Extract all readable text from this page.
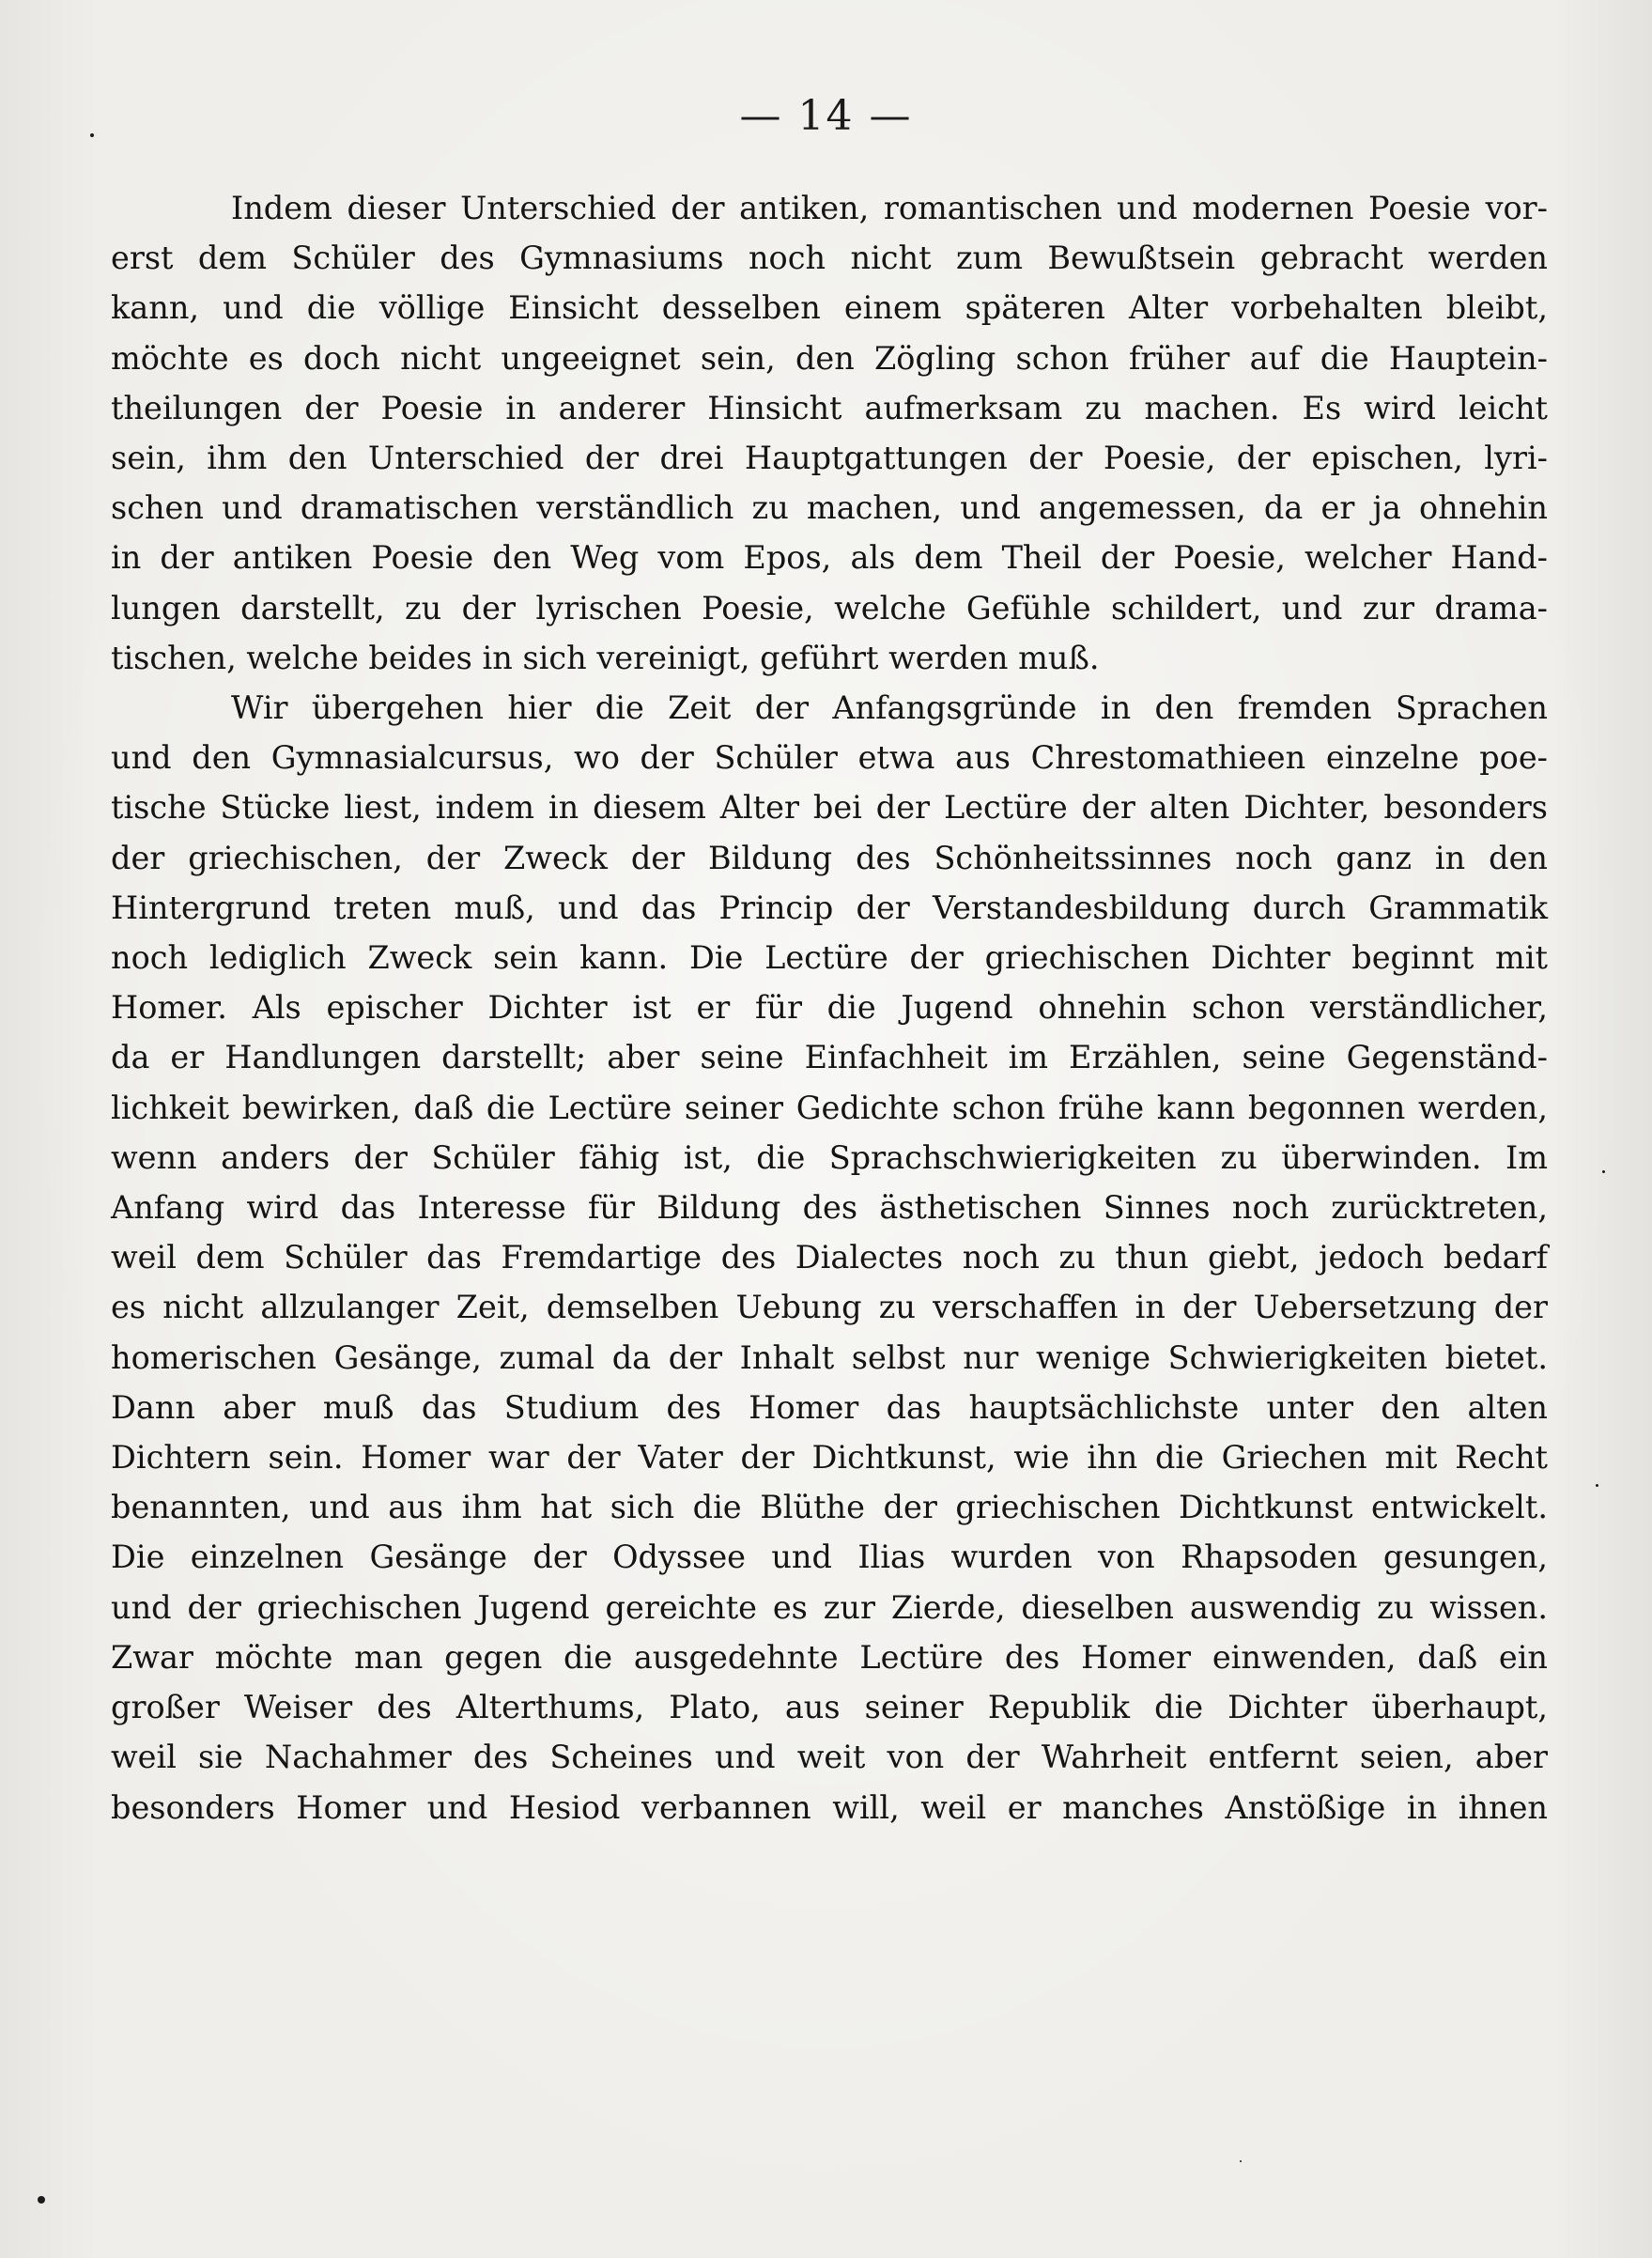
— 14 —
Indem dieser Unterschied der antiken, romantischen und modernen Poesie vor-
erst dem Schüler des Gymnasiums noch nicht zum Bewußtsein gebracht werden
kann, und die völlige Einsicht desselben einem späteren Alter vorbehalten bleibt,
möchte es doch nicht ungeeignet sein, den Zögling schon früher auf die Hauptein-
theilungen der Poesie in anderer Hinsicht aufmerksam zu machen. Es wird leicht
sein, ihm den Unterschied der drei Hauptgattungen der Poesie, der epischen, lyri-
schen und dramatischen verständlich zu machen, und angemessen, da er ja ohnehin
in der antiken Poesie den Weg vom Epos, als dem Theil der Poesie, welcher Hand-
lungen darstellt, zu der lyrischen Poesie, welche Gefühle schildert, und zur drama-
tischen, welche beides in sich vereinigt, geführt werden muß.
Wir übergehen hier die Zeit der Anfangsgründe in den fremden Sprachen
und den Gymnasialcursus, wo der Schüler etwa aus Chrestomathieen einzelne poe-
tische Stücke liest, indem in diesem Alter bei der Lectüre der alten Dichter, besonders
der griechischen, der Zweck der Bildung des Schönheitssinnes noch ganz in den
Hintergrund treten muß, und das Princip der Verstandesbildung durch Grammatik
noch lediglich Zweck sein kann. Die Lectüre der griechischen Dichter beginnt mit
Homer. Als epischer Dichter ist er für die Jugend ohnehin schon verständlicher,
da er Handlungen darstellt; aber seine Einfachheit im Erzählen, seine Gegenständ-
lichkeit bewirken, daß die Lectüre seiner Gedichte schon frühe kann begonnen werden,
wenn anders der Schüler fähig ist, die Sprachschwierigkeiten zu überwinden. Im
Anfang wird das Interesse für Bildung des ästhetischen Sinnes noch zurücktreten,
weil dem Schüler das Fremdartige des Dialectes noch zu thun giebt, jedoch bedarf
es nicht allzulanger Zeit, demselben Uebung zu verschaffen in der Uebersetzung der
homerischen Gesänge, zumal da der Inhalt selbst nur wenige Schwierigkeiten bietet.
Dann aber muß das Studium des Homer das hauptsächlichste unter den alten
Dichtern sein. Homer war der Vater der Dichtkunst, wie ihn die Griechen mit Recht
benannten, und aus ihm hat sich die Blüthe der griechischen Dichtkunst entwickelt.
Die einzelnen Gesänge der Odyssee und Ilias wurden von Rhapsoden gesungen,
und der griechischen Jugend gereichte es zur Zierde, dieselben auswendig zu wissen.
Zwar möchte man gegen die ausgedehnte Lectüre des Homer einwenden, daß ein
großer Weiser des Alterthums, Plato, aus seiner Republik die Dichter überhaupt,
weil sie Nachahmer des Scheines und weit von der Wahrheit entfernt seien, aber
besonders Homer und Hesiod verbannen will, weil er manches Anstößige in ihnen
